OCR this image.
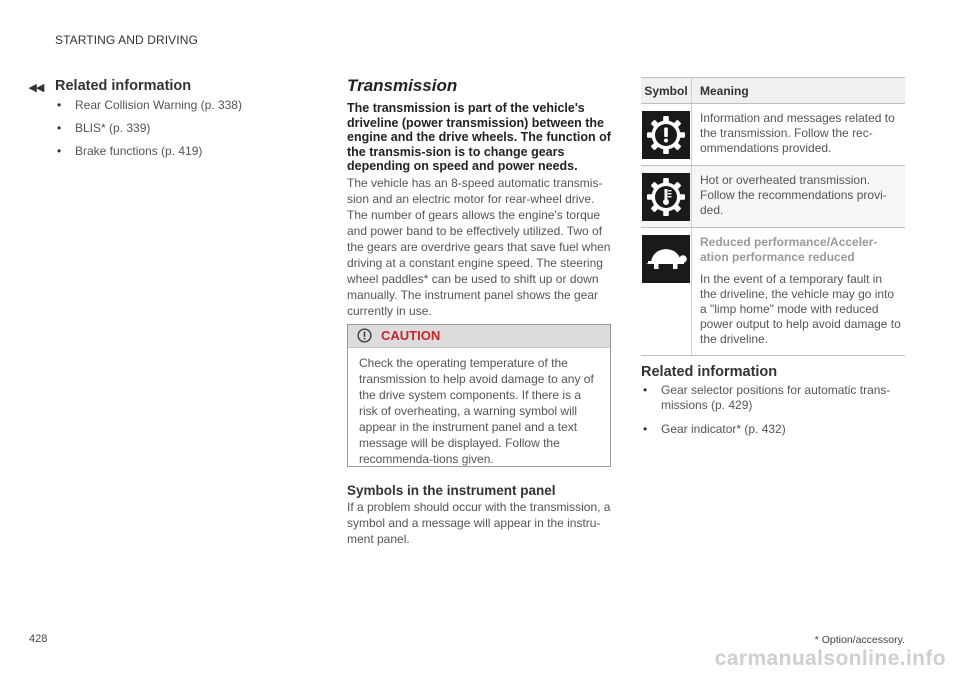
STARTING AND DRIVING
◂◂ Related information
• Rear Collision Warning (p. 338)
• BLIS* (p. 339)
• Brake functions (p. 419)
Transmission
The transmission is part of the vehicle's driveline (power transmission) between the engine and the drive wheels. The function of the transmis-sion is to change gears depending on speed and power needs.
The vehicle has an 8-speed automatic transmis-sion and an electric motor for rear-wheel drive. The number of gears allows the engine's torque and power band to be effectively utilized. Two of the gears are overdrive gears that save fuel when driving at a constant engine speed. The steering wheel paddles* can be used to shift up or down manually. The instrument panel shows the gear currently in use.
CAUTION
Check the operating temperature of the transmission to help avoid damage to any of the drive system components. If there is a risk of overheating, a warning symbol will appear in the instrument panel and a text message will be displayed. Follow the recommenda-tions given.
Symbols in the instrument panel
If a problem should occur with the transmission, a symbol and a message will appear in the instru-ment panel.
Symbol	Meaning
	Information and messages related to the transmission. Follow the rec-ommendations provided.
	Hot or overheated transmission. Follow the recommendations provi-ded.

Reduced performance/Acceler-ation performance reduced
In the event of a temporary fault in the driveline, the vehicle may go into a "limp home" mode with reduced power output to help avoid damage to the driveline.
Related information
• Gear selector positions for automatic trans-missions (p. 429)
• Gear indicator* (p. 432)
428	* Option/accessory.
carmanualsonline.info
